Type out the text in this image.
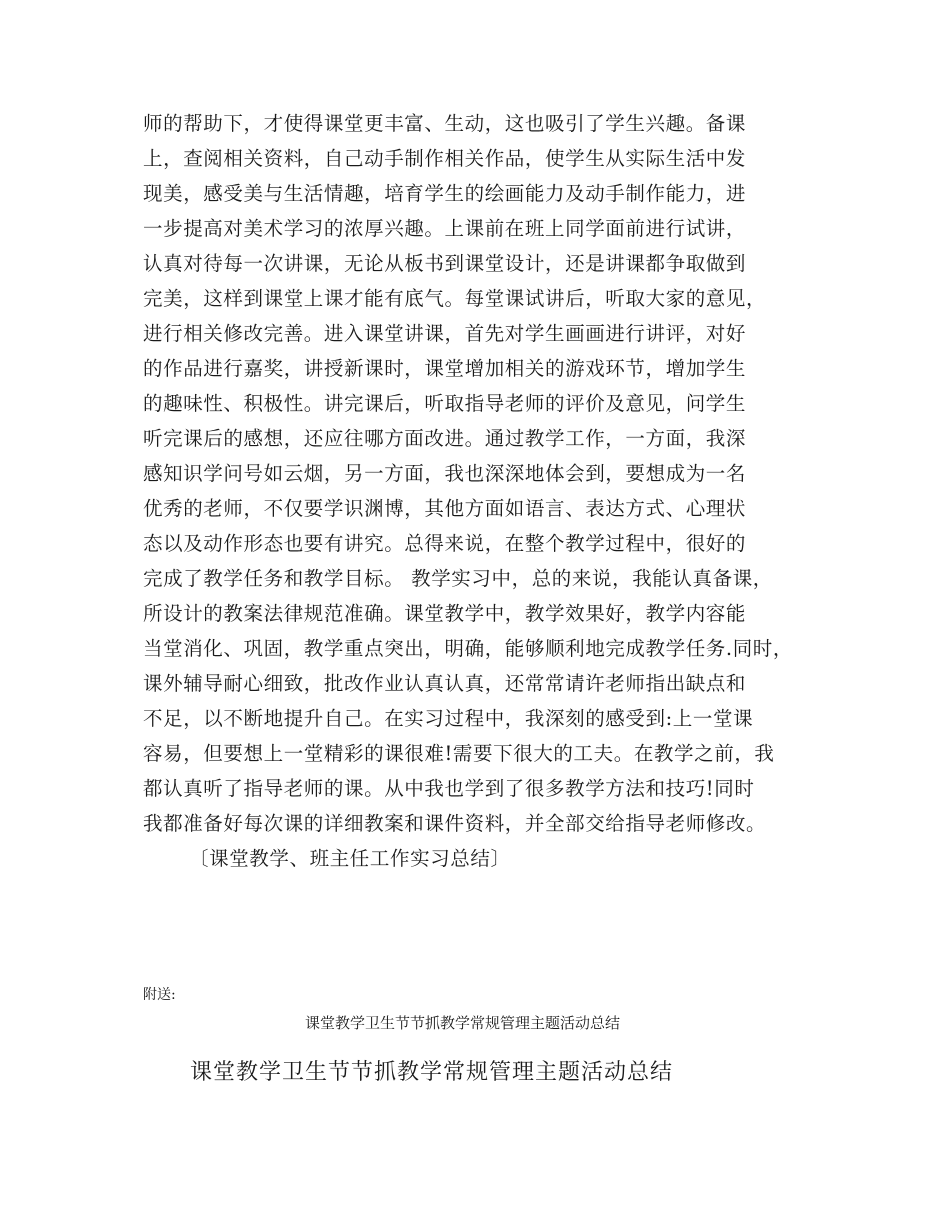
师的帮助下，才使得课堂更丰富、生动，这也吸引了学生兴趣。备课
上，查阅相关资料，自己动手制作相关作品，使学生从实际生活中发
现美，感受美与生活情趣，培育学生的绘画能力及动手制作能力，进
一步提高对美术学习的浓厚兴趣。上课前在班上同学面前进行试讲，
认真对待每一次讲课，无论从板书到课堂设计，还是讲课都争取做到
完美，这样到课堂上课才能有底气。每堂课试讲后，听取大家的意见，
进行相关修改完善。进入课堂讲课，首先对学生画画进行讲评，对好
的作品进行嘉奖，讲授新课时，课堂增加相关的游戏环节，增加学生
的趣味性、积极性。讲完课后，听取指导老师的评价及意见，问学生
听完课后的感想，还应往哪方面改进。通过教学工作，一方面，我深
感知识学问号如云烟，另一方面，我也深深地体会到，要想成为一名
优秀的老师，不仅要学识渊博，其他方面如语言、表达方式、心理状
态以及动作形态也要有讲究。总得来说，在整个教学过程中，很好的
完成了教学任务和教学目标。 教学实习中，总的来说，我能认真备课，
所设计的教案法律规范准确。课堂教学中，教学效果好，教学内容能
当堂消化、巩固，教学重点突出，明确，能够顺利地完成教学任务.同时，
课外辅导耐心细致，批改作业认真认真，还常常请许老师指出缺点和
不足，以不断地提升自己。在实习过程中，我深刻的感受到:上一堂课
容易，但要想上一堂精彩的课很难!需要下很大的工夫。在教学之前，我
都认真听了指导老师的课。从中我也学到了很多教学方法和技巧!同时
我都准备好每次课的详细教案和课件资料，并全部交给指导老师修改。
〔课堂教学、班主任工作实习总结〕
附送:
课堂教学卫生节节抓教学常规管理主题活动总结
课堂教学卫生节节抓教学常规管理主题活动总结
